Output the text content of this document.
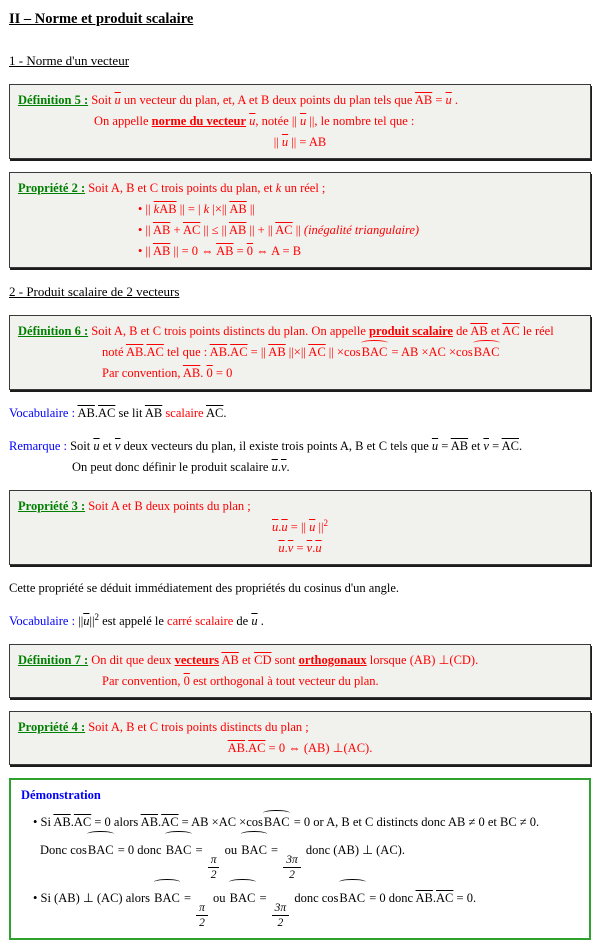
II – Norme et produit scalaire
1 - Norme d'un vecteur
Définition 5 : Soit $\overline{u}$ un vecteur du plan, et, A et B deux points du plan tels que $\overline{AB} = \overline{u}$ .
On appelle norme du vecteur $\overline{u}$, notée || $\overline{u}$ ||, le nombre tel que :
|| $\overline{u}$ || = AB
Propriété 2 : Soit A, B et C trois points du plan, et k un réel ;
• || $\overline{k}\overline{AB}$ || = | k |×|| $\overline{AB}$ ||
• || $\overline{AB} + \overline{AC}$ || ≤ || $\overline{AB}$ || + || $\overline{AC}$ || (inégalité triangulaire)
• || $\overline{AB}$ || = 0 ⇔ $\overline{AB} = 0$ ⇔ A = B
2 - Produit scalaire de 2 vecteurs
Définition 6 : Soit A, B et C trois points distincts du plan. On appelle produit scalaire de $\overline{AB}$ et $\overline{AC}$ le réel
noté $\overline{AB}.\overline{AC}$ tel que : $\overline{AB}.\overline{AC}$ = || $\overline{AB}$ ||×|| $\overline{AC}$ || ×cosBAC = AB ×AC ×cosBAC
Par convention, $\overline{AB}$. 0 = 0
Vocabulaire : $\overline{AB}.\overline{AC}$ se lit $\overline{AB}$ scalaire $\overline{AC}$.
Remarque : Soit $\overline{u}$ et $\overline{v}$ deux vecteurs du plan, il existe trois points A, B et C tels que $\overline{u} = \overline{AB}$ et $\overline{v} = \overline{AC}$.
On peut donc définir le produit scalaire $\overline{u}.\overline{v}$.
Propriété 3 : Soit A et B deux points du plan ;
$\overline{u}.\overline{u}$ = || $\overline{u}$ $||^2$
$\overline{u}.\overline{v} = \overline{v}.\overline{u}$
Cette propriété se déduit immédiatement des propriétés du cosinus d'un angle.
Vocabulaire : $||\overline{u}||^2$ est appelé le carré scalaire de $\overline{u}$ .
Définition 7 : On dit que deux vecteurs $\overline{AB}$ et $\overline{CD}$ sont orthogonaux lorsque (AB) ⊥(CD).
Par convention, 0 est orthogonal à tout vecteur du plan.
Propriété 4 : Soit A, B et C trois points distincts du plan ;
$\overline{AB}.\overline{AC} = 0$ ⇔ (AB) ⊥(AC).
Démonstration
• Si $\overline{AB}.\overline{AC} = 0$ alors $\overline{AB}.\overline{AC}$ = AB ×AC ×cosBAC = 0 or A, B et C distincts donc AB ≠ 0 et BC ≠ 0.
Donc cosBAC = 0 donc BAC =
$\frac{\pi}{2}$
ou BAC =
$\frac{3\pi}{2}$
donc (AB) ⊥ (AC).
• Si (AB) ⊥ (AC) alors BAC =
$\frac{\pi}{2}$
ou BAC =
$\frac{3\pi}{2}$
donc cosBAC = 0 donc $\overline{AB}.\overline{AC} = 0$.
